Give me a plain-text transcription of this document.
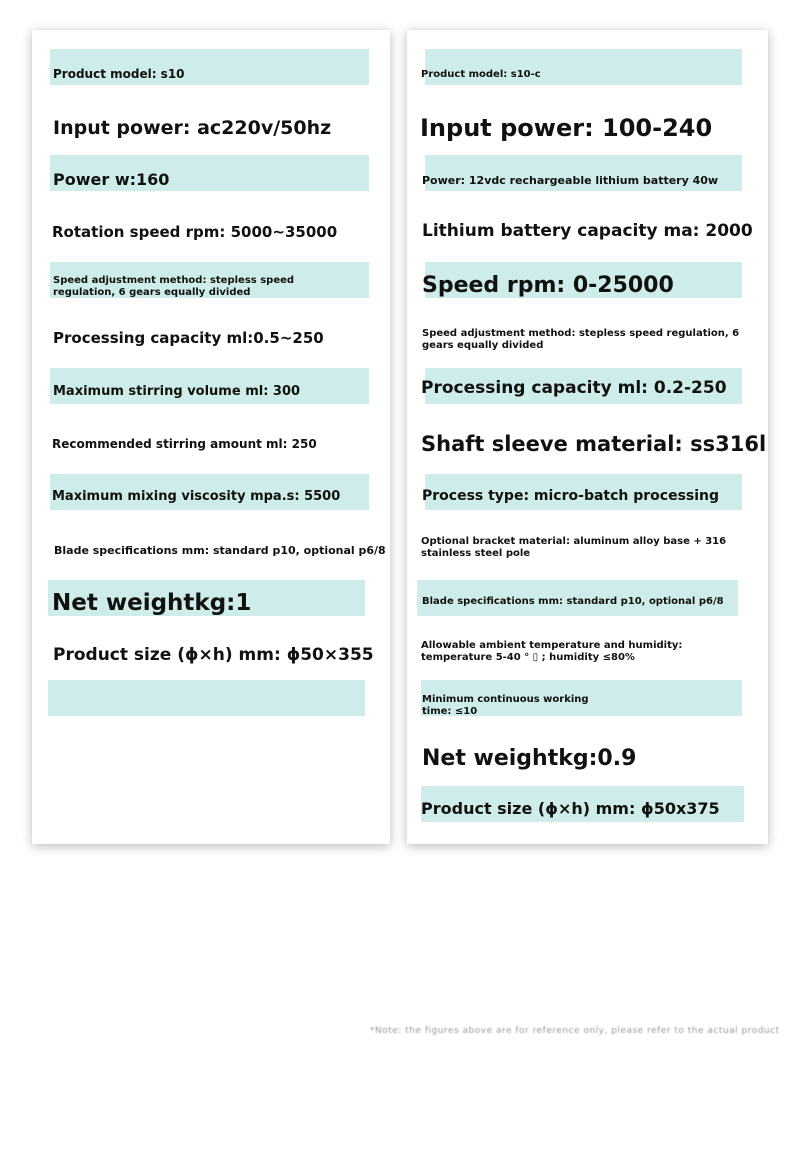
Product model: s10
Input power: ac220v/50hz
Power w:160
Rotation speed rpm: 5000~35000
Speed adjustment method: stepless speed regulation, 6 gears equally divided
Processing capacity ml:0.5~250
Maximum stirring volume ml: 300
Recommended stirring amount ml: 250
Maximum mixing viscosity mpa.s: 5500
Blade specifications mm: standard p10, optional p6/8
Net weightkg:1
Product size (ɸ×h) mm: ɸ50×355
Product model: s10-c
Input power: 100-240
Power: 12vdc rechargeable lithium battery 40w
Lithium battery capacity ma: 2000
Speed rpm: 0-25000
Speed adjustment method: stepless speed regulation, 6 gears equally divided
Processing capacity ml: 0.2-250
Shaft sleeve material: ss316l
Process type: micro-batch processing
Optional bracket material: aluminum alloy base + 316 stainless steel pole
Blade specifications mm: standard p10, optional p6/8
Allowable ambient temperature and humidity: temperature 5-40 ° ▯ ; humidity ≤80%
Minimum continuous working time: ≤10
Net weightkg:0.9
Product size (ɸ×h) mm: ɸ50x375
*Note: the figures above are for reference only, please refer to the actual product
